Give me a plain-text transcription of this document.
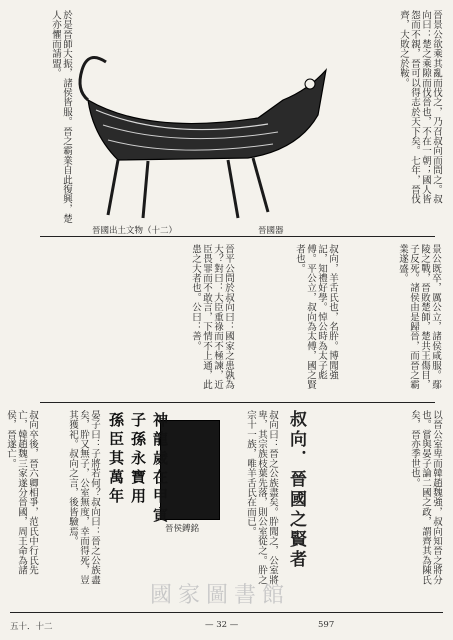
晉國器
晉國出土文物（十二）
晉景公欲乘其亂而伐之，乃召叔向而問之。叔向曰：楚之乘隙而伐晉也，不在一朝；國人皆怨而不親，晉可以得志於天下矣。七年，晉伐齊，大敗之於鞍。
於是晉師大振，諸侯皆服。晉之霸業自此復興，楚人亦懼而請盟。
景公既卒，厲公立，諸侯咸服。鄢陵之戰，晉敗楚師，楚共王傷目，子反死。諸侯由是歸晉，而晉之霸業遂盛。
叔向，羊舌氏也，名肸。博聞強記，知禮好學。悼公時為太子彪傅。平公立，叔向為太傅，國之賢者也。
晉平公問於叔向曰：國家之患孰為大？對曰：大臣重祿而不極諫，近臣畏罪而不敢言，下情不上通，此患之大者也。公曰：善。
叔向．晉國之賢者	以晉公室卑而韓趙魏強，叔向知晉之將分也。嘗與晏子論二國之政，謂齊其為陳氏矣，晉亦季世也。
叔向曰：晉之公族盡矣。肸聞之，公室將卑，其宗族枝葉先落，則公室從之。肸之宗十一族，唯羊舌氏在而已。
晉侯鎛銘
神龍歲在甲寅
子孫永寶用
孫臣其萬年
晏子曰：子將若何？叔向曰：晉之公族盡矣，肸又無子，公室無度，幸而得死，豈其獲祀。叔向之言，後皆驗焉。
叔向卒後，晉六卿相爭，范氏中行氏先亡，韓趙魏三家遂分晉國，周王命為諸侯，晉遂亡。
國家圖書館
五十．十二	— 32 —	597
